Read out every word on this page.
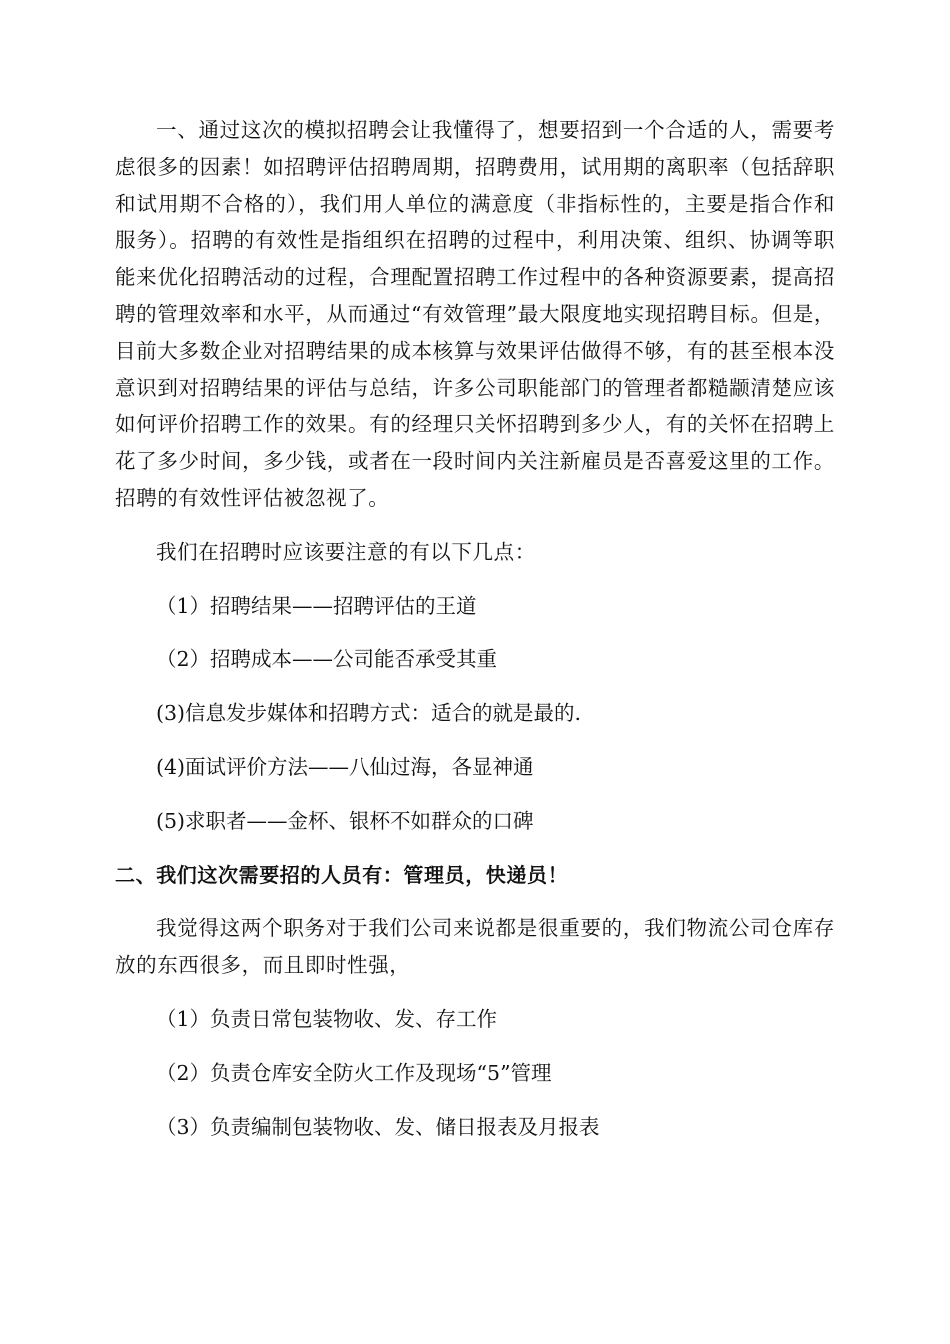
一、通过这次的模拟招聘会让我懂得了，想要招到一个合适的人，需要考虑很多的因素！如招聘评估招聘周期，招聘费用，试用期的离职率（包括辞职和试用期不合格的），我们用人单位的满意度（非指标性的，主要是指合作和服务）。招聘的有效性是指组织在招聘的过程中，利用决策、组织、协调等职能来优化招聘活动的过程，合理配置招聘工作过程中的各种资源要素，提高招聘的管理效率和水平，从而通过“有效管理”最大限度地实现招聘目标。但是，目前大多数企业对招聘结果的成本核算与效果评估做得不够，有的甚至根本没意识到对招聘结果的评估与总结，许多公司职能部门的管理者都糙颛清楚应该如何评价招聘工作的效果。有的经理只关怀招聘到多少人，有的关怀在招聘上花了多少时间，多少钱，或者在一段时间内关注新雇员是否喜爱这里的工作。招聘的有效性评估被忽视了。

我们在招聘时应该要注意的有以下几点：

（1）招聘结果——招聘评估的王道

（2）招聘成本——公司能否承受其重

(3)信息发步媒体和招聘方式：适合的就是最的.

(4)面试评价方法——八仙过海，各显神通

(5)求职者——金杯、银杯不如群众的口碑

二、我们这次需要招的人员有：管理员，快递员！

我觉得这两个职务对于我们公司来说都是很重要的，我们物流公司仓库存放的东西很多，而且即时性强，

（1）负责日常包装物收、发、存工作

（2）负责仓库安全防火工作及现场“5”管理

（3）负责编制包装物收、发、储日报表及月报表
